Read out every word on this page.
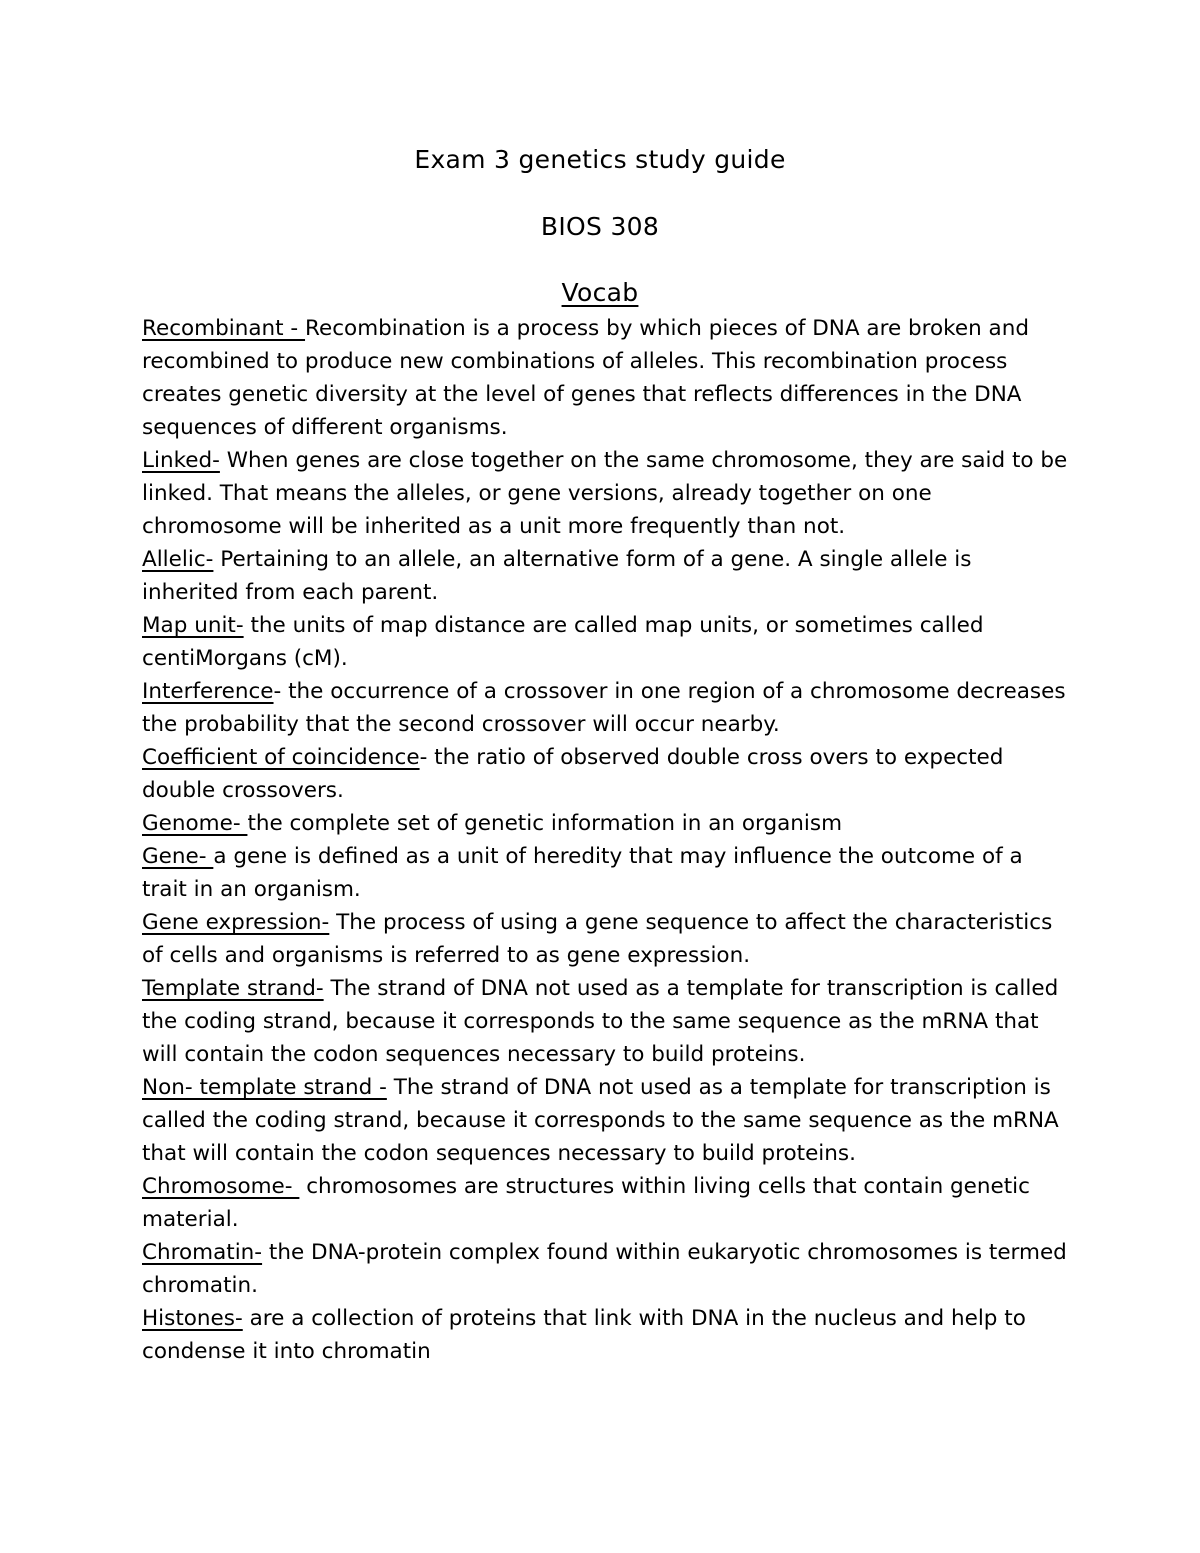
Exam 3 genetics study guide
BIOS 308
Vocab

Recombinant - Recombination is a process by which pieces of DNA are broken and recombined to produce new combinations of alleles. This recombination process creates genetic diversity at the level of genes that reflects differences in the DNA sequences of different organisms.

Linked- When genes are close together on the same chromosome, they are said to be linked. That means the alleles, or gene versions, already together on one chromosome will be inherited as a unit more frequently than not.

Allelic- Pertaining to an allele, an alternative form of a gene. A single allele is inherited from each parent.

Map unit- the units of map distance are called map units, or sometimes called centiMorgans (cM).

Interference- the occurrence of a crossover in one region of a chromosome decreases the probability that the second crossover will occur nearby.

Coefficient of coincidence- the ratio of observed double cross overs to expected double crossovers.

Genome- the complete set of genetic information in an organism

Gene- a gene is defined as a unit of heredity that may influence the outcome of a trait in an organism.

Gene expression- The process of using a gene sequence to affect the characteristics of cells and organisms is referred to as gene expression.

Template strand- The strand of DNA not used as a template for transcription is called the coding strand, because it corresponds to the same sequence as the mRNA that will contain the codon sequences necessary to build proteins.

Non- template strand - The strand of DNA not used as a template for transcription is called the coding strand, because it corresponds to the same sequence as the mRNA that will contain the codon sequences necessary to build proteins.

Chromosome-  chromosomes are structures within living cells that contain genetic material.

Chromatin- the DNA-protein complex found within eukaryotic chromosomes is termed chromatin.

Histones- are a collection of proteins that link with DNA in the nucleus and help to condense it into chromatin
